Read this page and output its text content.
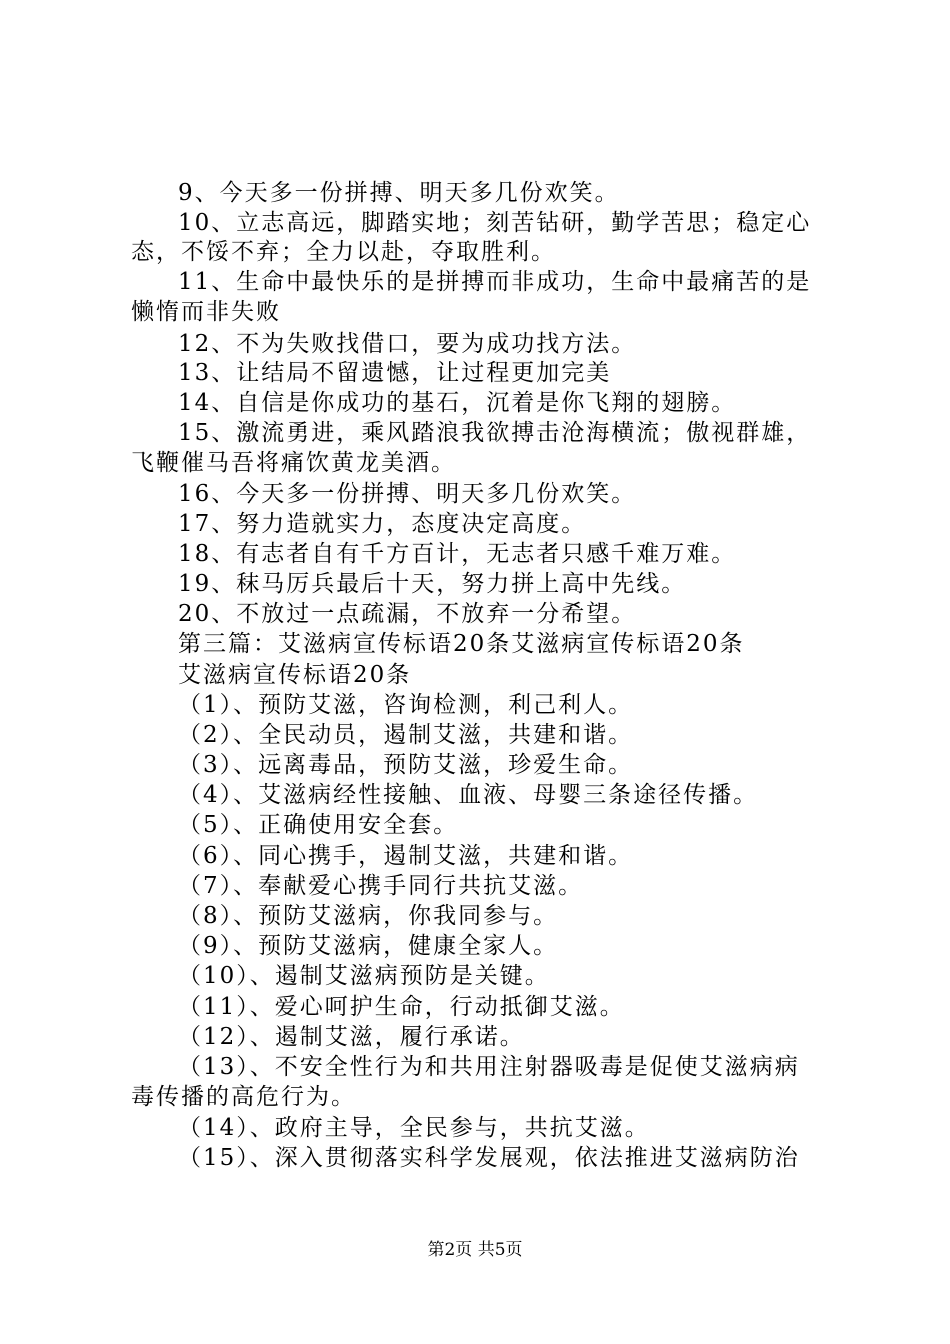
9、今天多一份拼搏、明天多几份欢笑。
10、立志高远，脚踏实地；刻苦钻研，勤学苦思；稳定心
态，不馁不弃；全力以赴，夺取胜利。
11、生命中最快乐的是拼搏而非成功，生命中最痛苦的是
懒惰而非失败
12、不为失败找借口，要为成功找方法。
13、让结局不留遗憾，让过程更加完美
14、自信是你成功的基石，沉着是你飞翔的翅膀。
15、激流勇进，乘风踏浪我欲搏击沧海横流；傲视群雄，
飞鞭催马吾将痛饮黄龙美酒。
16、今天多一份拼搏、明天多几份欢笑。
17、努力造就实力，态度决定高度。
18、有志者自有千方百计，无志者只感千难万难。
19、秣马厉兵最后十天，努力拼上高中先线。
20、不放过一点疏漏，不放弃一分希望。
第三篇：艾滋病宣传标语20条艾滋病宣传标语20条
艾滋病宣传标语20条
（1）、预防艾滋，咨询检测，利己利人。
（2）、全民动员，遏制艾滋，共建和谐。
（3）、远离毒品，预防艾滋，珍爱生命。
（4）、艾滋病经性接触、血液、母婴三条途径传播。
（5）、正确使用安全套。
（6）、同心携手，遏制艾滋，共建和谐。
（7）、奉献爱心携手同行共抗艾滋。
（8）、预防艾滋病，你我同参与。
（9）、预防艾滋病，健康全家人。
（10）、遏制艾滋病预防是关键。
（11）、爱心呵护生命，行动抵御艾滋。
（12）、遏制艾滋，履行承诺。
（13）、不安全性行为和共用注射器吸毒是促使艾滋病病
毒传播的高危行为。
（14）、政府主导，全民参与，共抗艾滋。
（15）、深入贯彻落实科学发展观，依法推进艾滋病防治
第2页 共5页
